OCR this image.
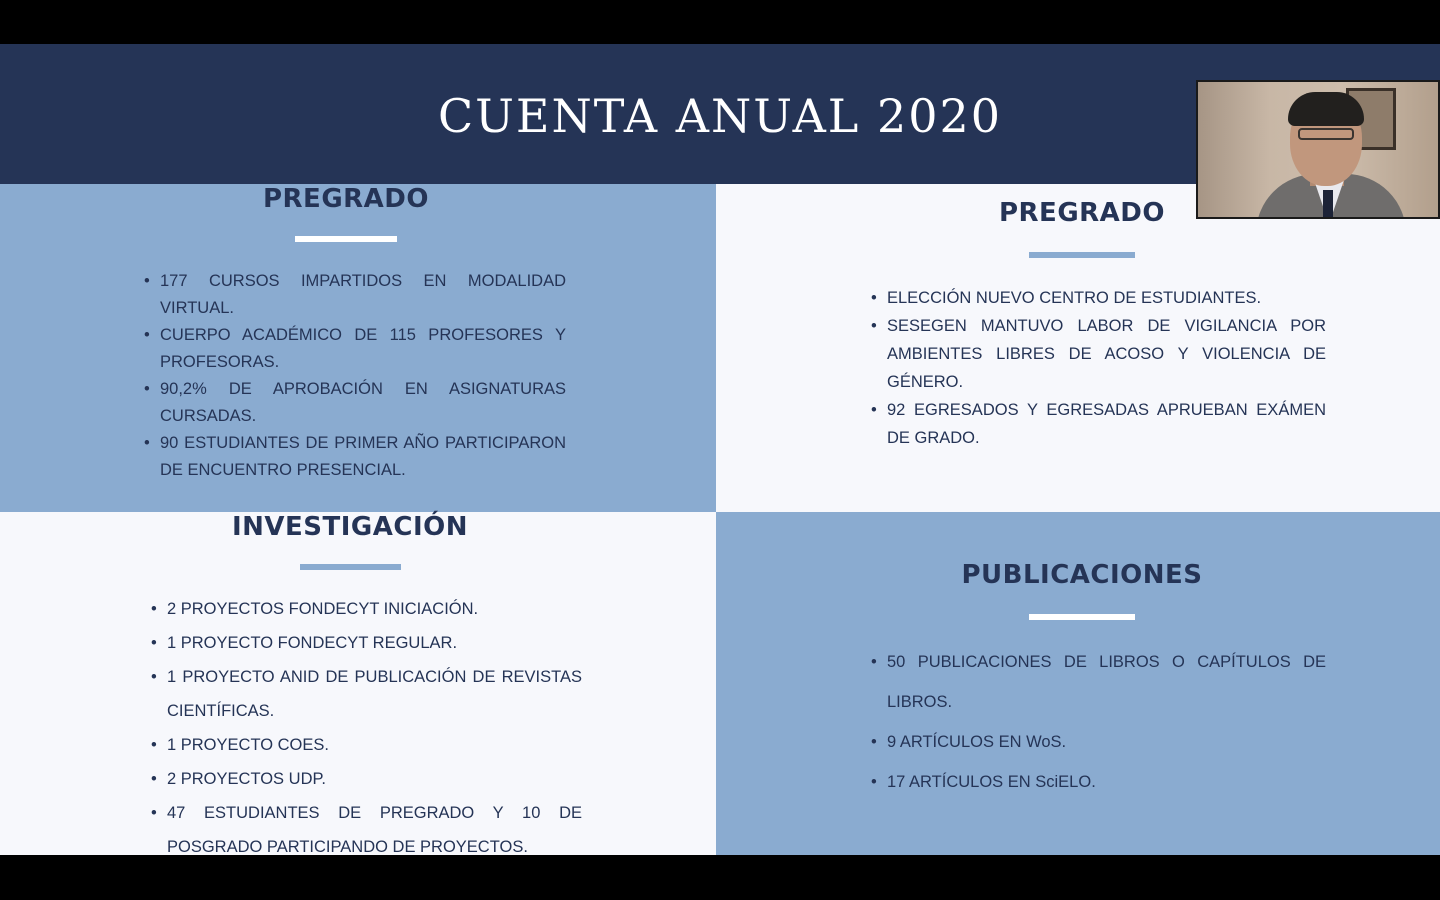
CUENTA ANUAL 2020
PREGRADO
• 177 CURSOS IMPARTIDOS EN MODALIDAD VIRTUAL.
• CUERPO ACADÉMICO DE 115 PROFESORES Y PROFESORAS.
• 90,2% DE APROBACIÓN EN ASIGNATURAS CURSADAS.
• 90 ESTUDIANTES DE PRIMER AÑO PARTICIPARON DE ENCUENTRO PRESENCIAL.
PREGRADO
• ELECCIÓN NUEVO CENTRO DE ESTUDIANTES.
• SESEGEN MANTUVO LABOR DE VIGILANCIA POR AMBIENTES LIBRES DE ACOSO Y VIOLENCIA DE GÉNERO.
• 92 EGRESADOS Y EGRESADAS APRUEBAN EXÁMEN DE GRADO.
INVESTIGACIÓN
• 2 PROYECTOS FONDECYT INICIACIÓN.
• 1 PROYECTO FONDECYT REGULAR.
• 1 PROYECTO ANID DE PUBLICACIÓN DE REVISTAS CIENTÍFICAS.
• 1 PROYECTO COES.
• 2 PROYECTOS UDP.
• 47 ESTUDIANTES DE PREGRADO Y 10 DE POSGRADO PARTICIPANDO DE PROYECTOS.
PUBLICACIONES
• 50 PUBLICACIONES DE LIBROS O CAPÍTULOS DE LIBROS.
• 9 ARTÍCULOS EN WoS.
• 17 ARTÍCULOS EN SciELO.
